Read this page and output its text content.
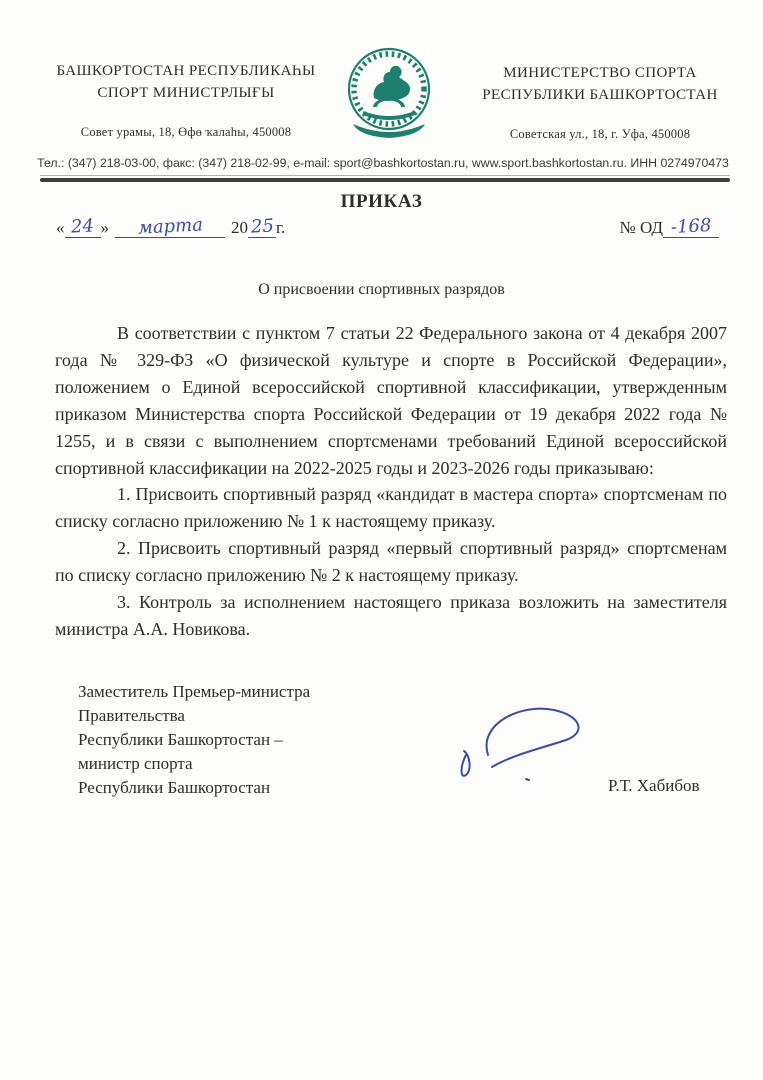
БАШКОРТОСТАН РЕСПУБЛИКАҺЫ
СПОРТ МИНИСТРЛЫҒЫ
Совет урамы, 18, Өфө ҡалаһы, 450008
МИНИСТЕРСТВО СПОРТА
РЕСПУБЛИКИ БАШКОРТОСТАН
Советская ул., 18, г. Уфа, 450008
Тел.: (347) 218-03-00, факс: (347) 218-02-99, e-mail: sport@bashkortostan.ru, www.sport.bashkortostan.ru. ИНН 0274970473
ПРИКАЗ
« 24 » марта 20 25 г.	№ ОД -168
О присвоении спортивных разрядов

В соответствии с пунктом 7 статьи 22 Федерального закона от 4 декабря 2007 года № 329-ФЗ «О физической культуре и спорте в Российской Федерации», положением о Единой всероссийской спортивной классификации, утвержденным приказом Министерства спорта Российской Федерации от 19 декабря 2022 года № 1255, и в связи с выполнением спортсменами требований Единой всероссийской спортивной классификации на 2022-2025 годы и 2023-2026 годы приказываю:

1. Присвоить спортивный разряд «кандидат в мастера спорта» спортсменам по списку согласно приложению № 1 к настоящему приказу.

2. Присвоить спортивный разряд «первый спортивный разряд» спортсменам по списку согласно приложению № 2 к настоящему приказу.

3. Контроль за исполнением настоящего приказа возложить на заместителя министра А.А. Новикова.

Заместитель Премьер-министра
Правительства
Республики Башкортостан –
министр спорта
Республики Башкортостан	Р.Т. Хабибов
